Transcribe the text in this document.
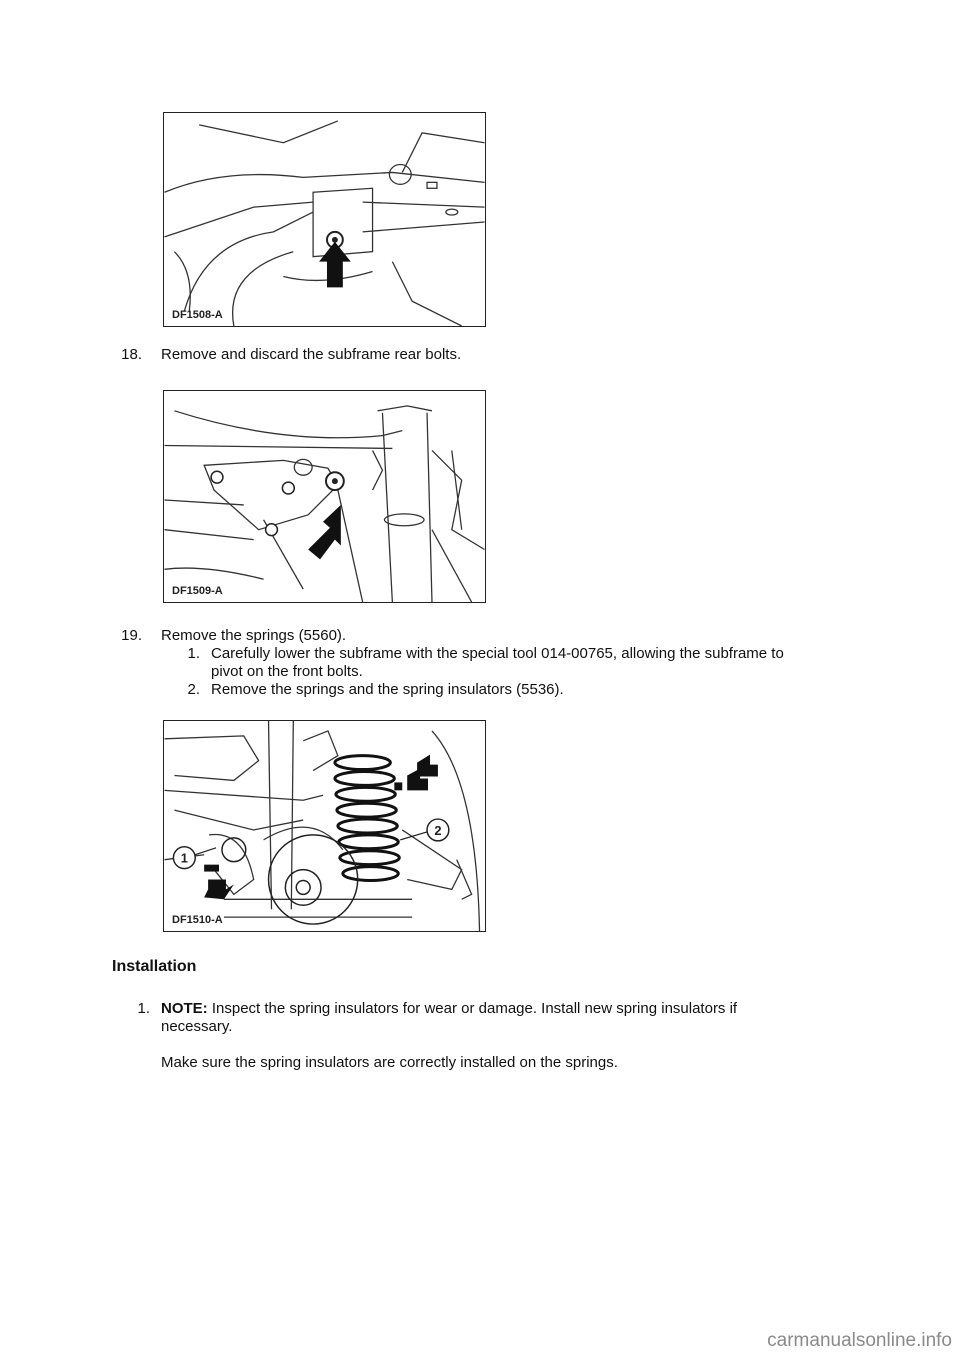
DF1508-A
18. Remove and discard the subframe rear bolts.
DF1509-A
19. Remove the springs (5560).
1. Carefully lower the subframe with the special tool 014-00765, allowing the subframe to
pivot on the front bolts.
2. Remove the springs and the spring insulators (5536).
1
2
DF1510-A
Installation
1. NOTE: Inspect the spring insulators for wear or damage. Install new spring insulators if
necessary.
Make sure the spring insulators are correctly installed on the springs.
carmanualsonline.info
